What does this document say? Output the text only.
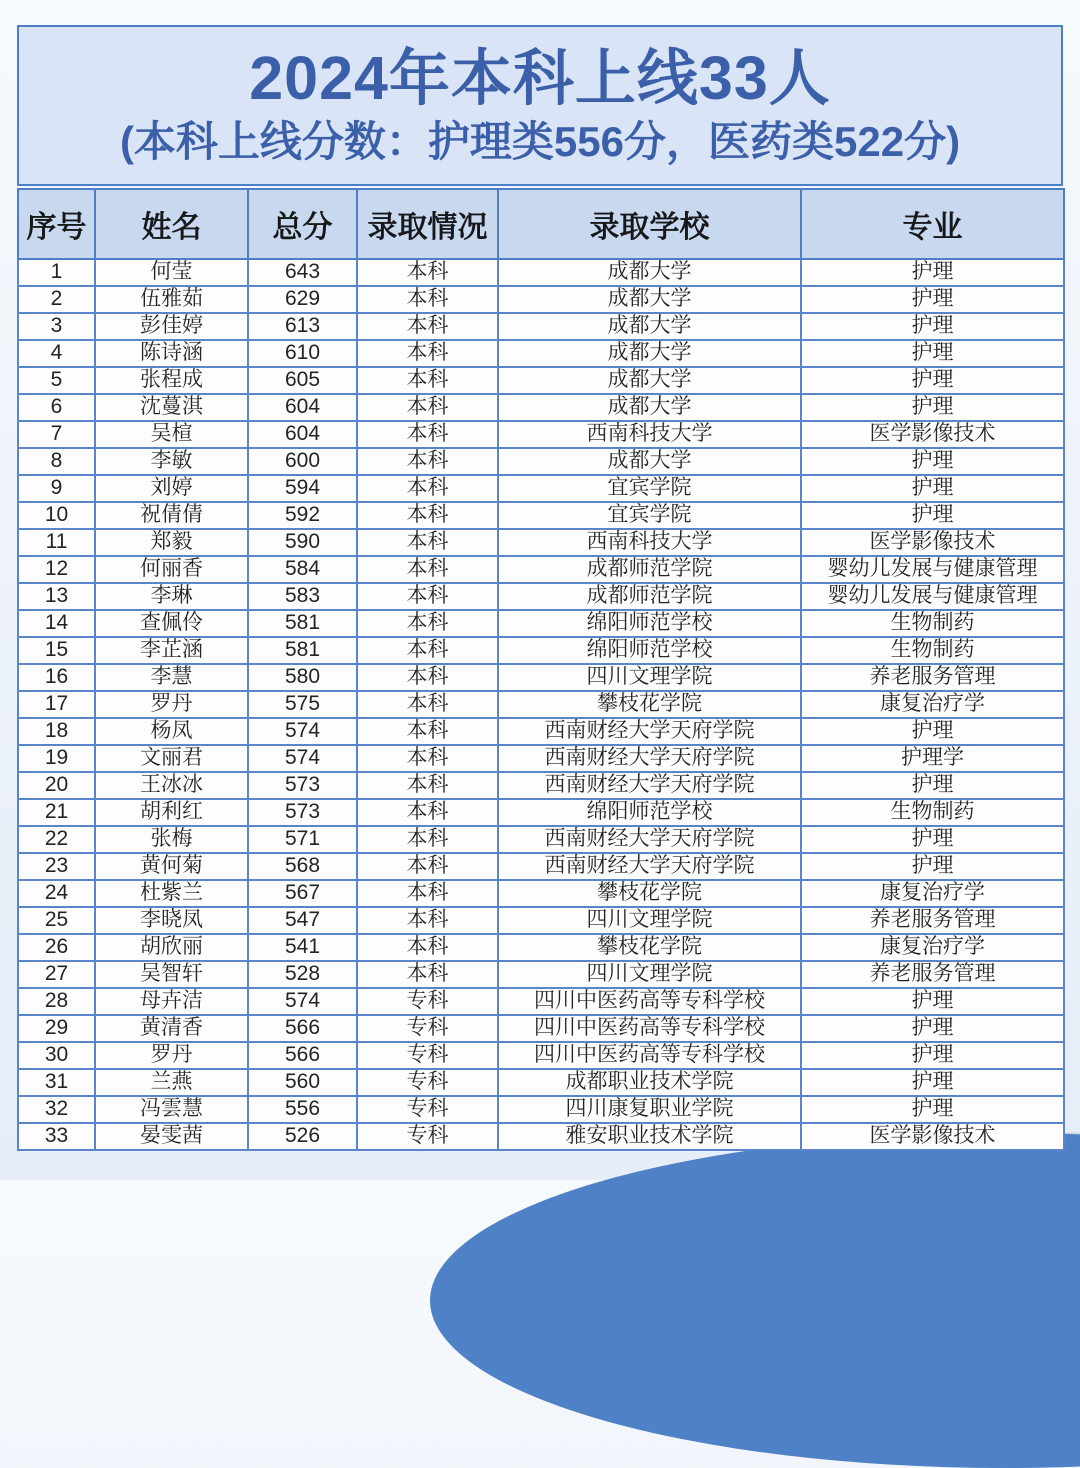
2024年本科上线33人
(本科上线分数：护理类556分，医药类522分)
序号	姓名	总分	录取情况	录取学校	专业
1	何莹	643	本科	成都大学	护理
2	伍雅茹	629	本科	成都大学	护理
3	彭佳婷	613	本科	成都大学	护理
4	陈诗涵	610	本科	成都大学	护理
5	张程成	605	本科	成都大学	护理
6	沈蔓淇	604	本科	成都大学	护理
7	吴楦	604	本科	西南科技大学	医学影像技术
8	李敏	600	本科	成都大学	护理
9	刘婷	594	本科	宜宾学院	护理
10	祝倩倩	592	本科	宜宾学院	护理
11	郑毅	590	本科	西南科技大学	医学影像技术
12	何丽香	584	本科	成都师范学院	婴幼儿发展与健康管理
13	李琳	583	本科	成都师范学院	婴幼儿发展与健康管理
14	查佩伶	581	本科	绵阳师范学校	生物制药
15	李芷涵	581	本科	绵阳师范学校	生物制药
16	李慧	580	本科	四川文理学院	养老服务管理
17	罗丹	575	本科	攀枝花学院	康复治疗学
18	杨凤	574	本科	西南财经大学天府学院	护理
19	文丽君	574	本科	西南财经大学天府学院	护理学
20	王冰冰	573	本科	西南财经大学天府学院	护理
21	胡利红	573	本科	绵阳师范学校	生物制药
22	张梅	571	本科	西南财经大学天府学院	护理
23	黄何菊	568	本科	西南财经大学天府学院	护理
24	杜紫兰	567	本科	攀枝花学院	康复治疗学
25	李晓凤	547	本科	四川文理学院	养老服务管理
26	胡欣丽	541	本科	攀枝花学院	康复治疗学
27	吴智轩	528	本科	四川文理学院	养老服务管理
28	母卉洁	574	专科	四川中医药高等专科学校	护理
29	黄清香	566	专科	四川中医药高等专科学校	护理
30	罗丹	566	专科	四川中医药高等专科学校	护理
31	兰燕	560	专科	成都职业技术学院	护理
32	冯雲慧	556	专科	四川康复职业学院	护理
33	晏雯茜	526	专科	雅安职业技术学院	医学影像技术
